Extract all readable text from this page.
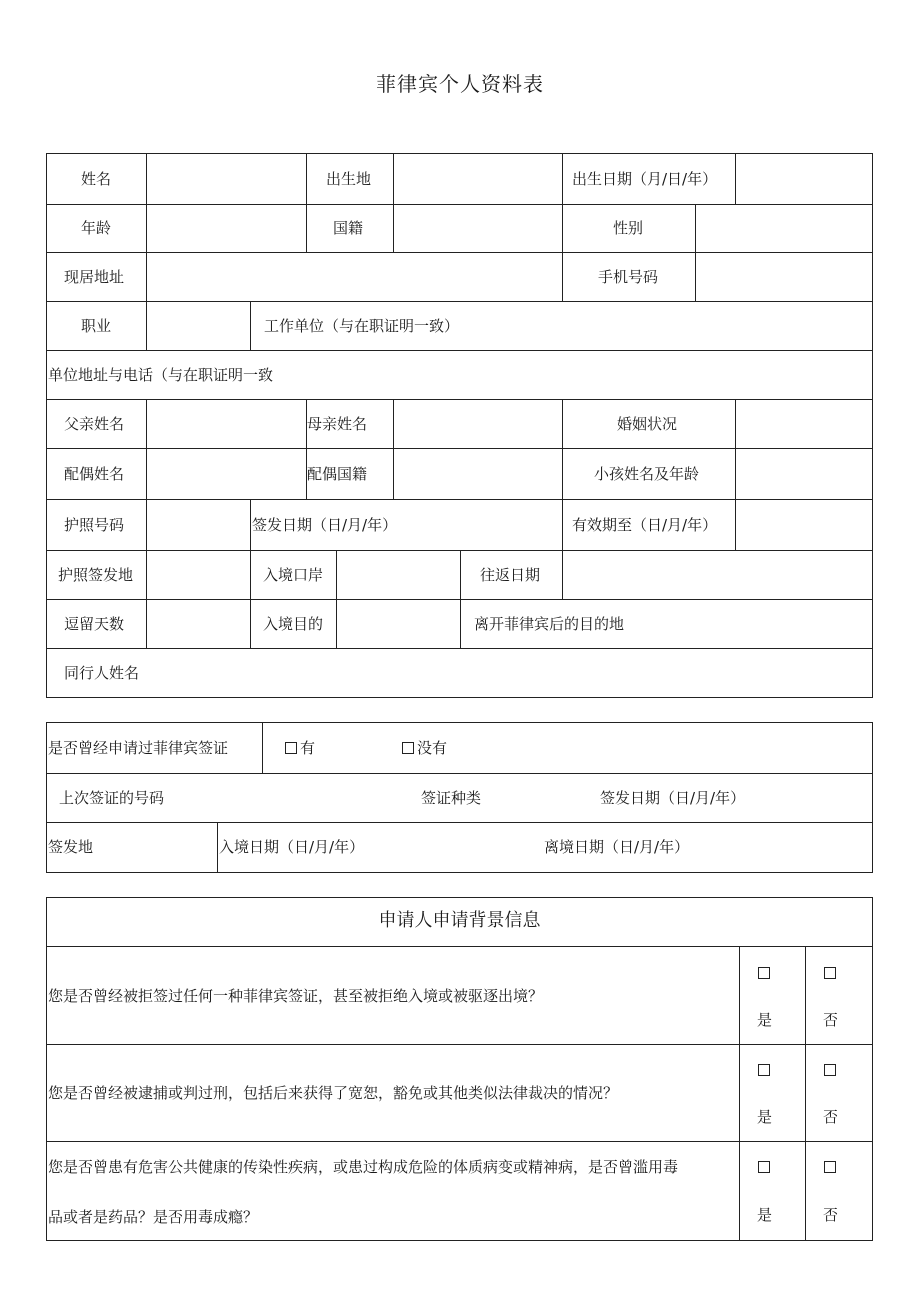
菲律宾个人资料表
姓名	出生地	出生日期（月/日/年）
年龄	国籍	性别
现居地址	手机号码
职业	工作单位（与在职证明一致）
单位地址与电话（与在职证明一致
父亲姓名	母亲姓名	婚姻状况
配偶姓名	配偶国籍	小孩姓名及年龄
护照号码	签发日期（日/月/年）	有效期至（日/月/年）
护照签发地	入境口岸	往返日期
逗留天数	入境目的	离开菲律宾后的目的地
同行人姓名
是否曾经申请过菲律宾签证	有	没有
上次签证的号码	签证种类	签发日期（日/月/年）
签发地	入境日期（日/月/年）	离境日期（日/月/年）
申请人申请背景信息
您是否曾经被拒签过任何一种菲律宾签证，甚至被拒绝入境或被驱逐出境？
是	否
您是否曾经被逮捕或判过刑，包括后来获得了宽恕，豁免或其他类似法律裁决的情况？
是	否
您是否曾患有危害公共健康的传染性疾病，或患过构成危险的体质病变或精神病，是否曾滥用毒
品或者是药品？是否用毒成瘾？	是	否
